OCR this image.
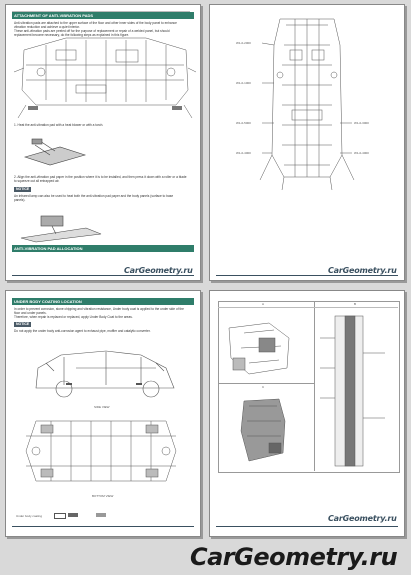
ATTACHMENT OF ANTI-VIBRATION PADS
Anti-vibration pads are attached to the upper surface of the floor and other inner sides of the body panel to enhance
vibration reduction and achieve a quiet interior.
These anti-vibration pads are peeled off for the purpose of replacement or repair of a welded panel, but should
replacement become necessary, do the following steps as explained in this figure.
1. Heat the anti-vibration pad with a heat blower or with a torch.
2. Align the anti-vibration pad paper in the position where it is to be installed, and then press it down with a roller or a blade
to squeeze out all entrapped air.
NOTICE
An infrared lamp can also be used to heat both the anti-vibration pad paper and the body panels (surface to base
panels).
ANTI-VIBRATION PAD ALLOCATION
CarGeometry.ru
W1-0-2000
W1-0-1000
W1-0-5000
W1-0-4000
W1-0-3000
W1-0-4000
CarGeometry.ru
UNDER BODY COATING LOCATION
In order to prevent corrosion, stone chipping and vibration resistance, Under body coat is applied to the under side of the
floor and under panels.
Therefore, when repair is replaced or replaced, apply Under Body Coat to the areas.
NOTICE
Do not apply the under body anti-corrosion agent to exhaust pipe, muffler and catalytic converter.
SIDE VIEW
BOTTOM VIEW
Under body coating
A	B
C
CarGeometry.ru
CarGeometry.ru
